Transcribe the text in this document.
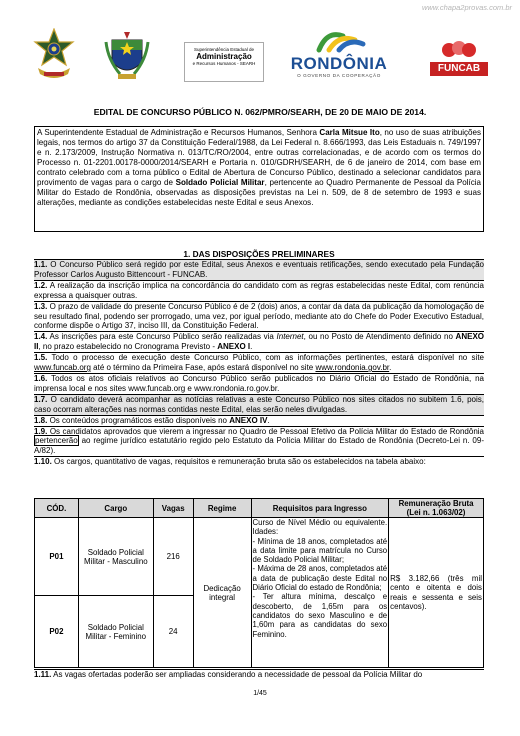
www.chapa2provas.com.br
Superintendência Estadual de
Administração
e Recursos Humanos - SEARH	RONDÔNIA
O GOVERNO DA COOPERAÇÃO
FUNCAB
EDITAL DE CONCURSO PÚBLICO N. 062/PMRO/SEARH, DE 20 DE MAIO DE 2014.
A Superintendente Estadual de Administração e Recursos Humanos, Senhora Carla Mitsue Ito, no uso de suas atribuições legais, nos termos do artigo 37 da Constituição Federal/1988, da Lei Federal n. 8.666/1993, das Leis Estaduais n. 749/1997 e n. 2.173/2009, Instrução Normativa n. 013/TC/RO/2004, entre outras correlacionadas, e de acordo com os termos do Processo n. 01-2201.00178-0000/2014/SEARH e Portaria n. 010/GDRH/SEARH, de 6 de janeiro de 2014, com base em contrato celebrado com a torna público o Edital de Abertura de Concurso Público, destinado a selecionar candidatos para provimento de vagas para o cargo de Soldado Policial Militar, pertencente ao Quadro Permanente de Pessoal da Polícia Militar do Estado de Rondônia, observadas as disposições previstas na Lei n. 509, de 8 de setembro de 1993 e suas alterações, mediante as condições estabelecidas neste Edital e seus Anexos.
1. DAS DISPOSIÇÕES PRELIMINARES
1.1. O Concurso Público será regido por este Edital, seus Anexos e eventuais retificações, sendo executado pela Fundação Professor Carlos Augusto Bittencourt - FUNCAB.
1.2. A realização da inscrição implica na concordância do candidato com as regras estabelecidas neste Edital, com renúncia expressa a quaisquer outras.
1.3. O prazo de validade do presente Concurso Público é de 2 (dois) anos, a contar da data da publicação da homologação de seu resultado final, podendo ser prorrogado, uma vez, por igual período, mediante ato do Chefe do Poder Executivo Estadual, conforme dispõe o Artigo 37, inciso III, da Constituição Federal.
1.4. As inscrições para este Concurso Público serão realizadas via Internet, ou no Posto de Atendimento definido no ANEXO II, no prazo estabelecido no Cronograma Previsto - ANEXO I.
1.5. Todo o processo de execução deste Concurso Público, com as informações pertinentes, estará disponível no site www.funcab.org até o término da Primeira Fase, após estará disponível no site www.rondonia.gov.br.
1.6. Todos os atos oficiais relativos ao Concurso Público serão publicados no Diário Oficial do Estado de Rondônia, na imprensa local e nos sites www.funcab.org e www.rondonia.ro.gov.br.
1.7. O candidato deverá acompanhar as notícias relativas a este Concurso Público nos sites citados no subitem 1.6, pois, caso ocorram alterações nas normas contidas neste Edital, elas serão neles divulgadas.
1.8. Os conteúdos programáticos estão disponíveis no ANEXO IV.
1.9. Os candidatos aprovados que vierem a ingressar no Quadro de Pessoal Efetivo da Polícia Militar do Estado de Rondônia pertencerão ao regime jurídico estatutário regido pelo Estatuto da Polícia Militar do Estado de Rondônia (Decreto-Lei n. 09-A/82).
1.10. Os cargos, quantitativo de vagas, requisitos e remuneração bruta são os estabelecidos na tabela abaixo:
CÓD.	Cargo	Vagas	Regime	Requisitos para Ingresso	Remuneração Bruta
(Lei n. 1.063/02)

P01	Soldado Policial Militar - Masculino	216	Dedicação integral	Curso de Nível Médio ou equivalente. Idades:
- Mínima de 18 anos, completados até a data limite para matrícula no Curso de Soldado Policial Militar;
- Máxima de 28 anos, completados até a data de publicação deste Edital no Diário Oficial do estado de Rondônia;
- Ter altura mínima, descalço e descoberto, de 1,65m para os candidatos do sexo Masculino e de 1,60m para as candidatas do sexo Feminino.	R$ 3.182,66 (três mil cento e oitenta e dois reais e sessenta e seis centavos).
P02	Soldado Policial Militar - Feminino	24			
1.11. As vagas ofertadas poderão ser ampliadas considerando a necessidade de pessoal da Polícia Militar do
1/45
